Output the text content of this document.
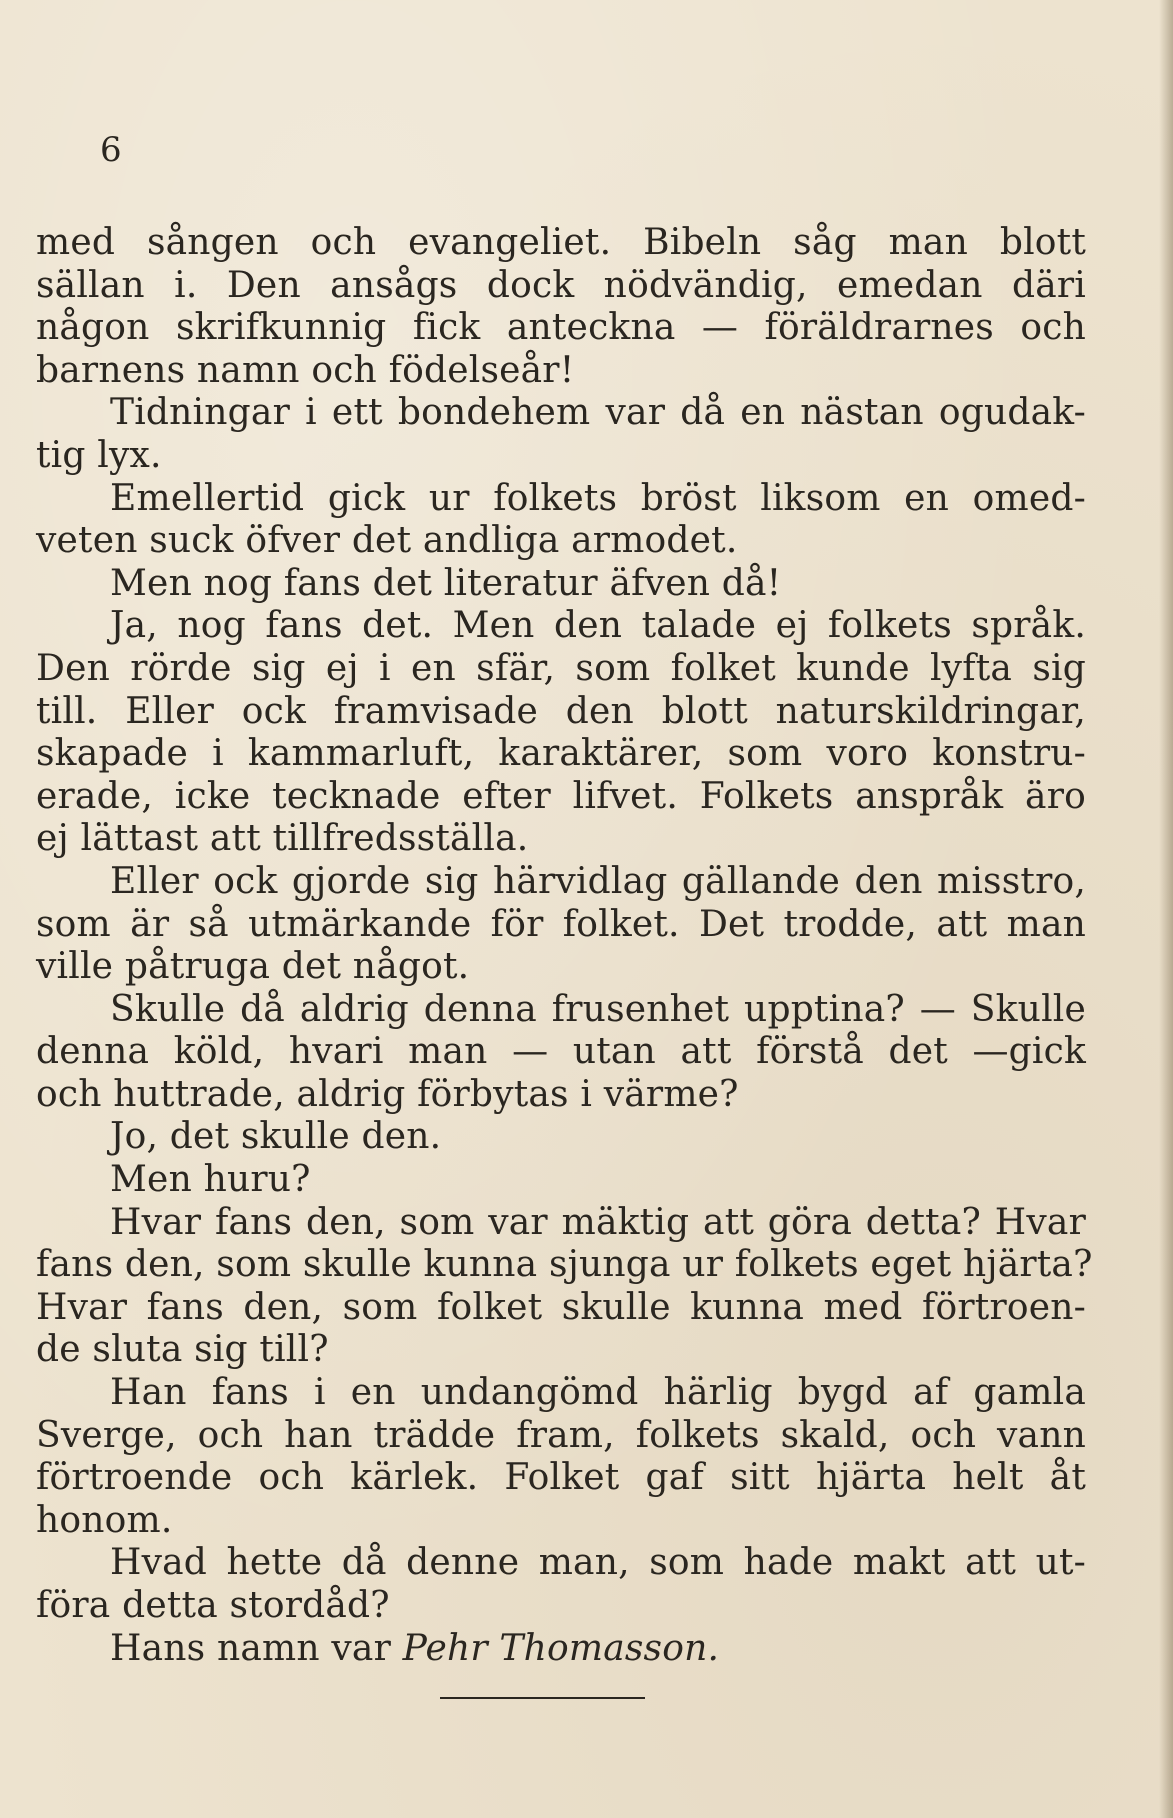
6
med sången och evangeliet. Bibeln såg man blott
sällan i. Den ansågs dock nödvändig, emedan däri
någon skrifkunnig fick anteckna — föräldrarnes och
barnens namn och födelseår!
Tidningar i ett bondehem var då en nästan ogudak-
tig lyx.
Emellertid gick ur folkets bröst liksom en omed-
veten suck öfver det andliga armodet.
Men nog fans det literatur äfven då!
Ja, nog fans det. Men den talade ej folkets språk.
Den rörde sig ej i en sfär, som folket kunde lyfta sig
till. Eller ock framvisade den blott naturskildringar,
skapade i kammarluft, karaktärer, som voro konstru-
erade, icke tecknade efter lifvet. Folkets anspråk äro
ej lättast att tillfredsställa.
Eller ock gjorde sig härvidlag gällande den misstro,
som är så utmärkande för folket. Det trodde, att man
ville påtruga det något.
Skulle då aldrig denna frusenhet upptina? — Skulle
denna köld, hvari man — utan att förstå det —gick
och huttrade, aldrig förbytas i värme?
Jo, det skulle den.
Men huru?
Hvar fans den, som var mäktig att göra detta? Hvar
fans den, som skulle kunna sjunga ur folkets eget hjärta?
Hvar fans den, som folket skulle kunna med förtroen-
de sluta sig till?
Han fans i en undangömd härlig bygd af gamla
Sverge, och han trädde fram, folkets skald, och vann
förtroende och kärlek. Folket gaf sitt hjärta helt åt
honom.
Hvad hette då denne man, som hade makt att ut-
föra detta stordåd?
Hans namn var Pehr Thomasson.
